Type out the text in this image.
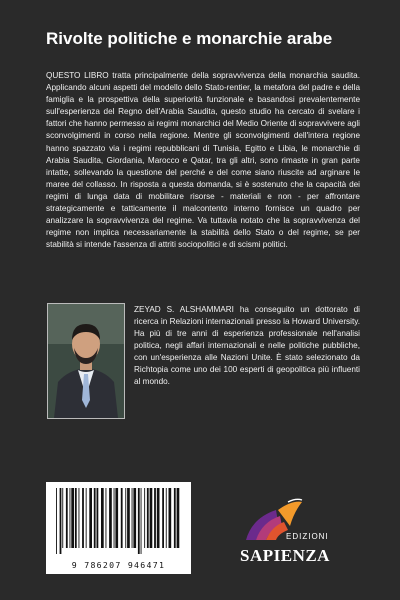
Rivolte politiche e monarchie arabe

QUESTO LIBRO tratta principalmente della sopravvivenza della monarchia saudita. Applicando alcuni aspetti del modello dello Stato-rentier, la metafora del padre e della famiglia e la prospettiva della superiorità funzionale e basandosi prevalentemente sull'esperienza del Regno dell'Arabia Saudita, questo studio ha cercato di svelare i fattori che hanno permesso ai regimi monarchici del Medio Oriente di sopravvivere agli sconvolgimenti in corso nella regione. Mentre gli sconvolgimenti dell'intera regione hanno spazzato via i regimi repubblicani di Tunisia, Egitto e Libia, le monarchie di Arabia Saudita, Giordania, Marocco e Qatar, tra gli altri, sono rimaste in gran parte intatte, sollevando la questione del perché e del come siano riuscite ad arginare le maree del collasso. In risposta a questa domanda, si è sostenuto che la capacità dei regimi di lunga data di mobilitare risorse - materiali e non - per affrontare strategicamente e tatticamente il malcontento interno fornisce un quadro per analizzare la sopravvivenza del regime. Va tuttavia notato che la sopravvivenza del regime non implica necessariamente la stabilità dello Stato o del regime, se per stabilità si intende l'assenza di attriti sociopolitici e di scismi politici.

ZEYAD S. ALSHAMMARI ha conseguito un dottorato di ricerca in Relazioni internazionali presso la Howard University. Ha più di tre anni di esperienza professionale nell'analisi politica, negli affari internazionali e nelle politiche pubbliche, con un'esperienza alle Nazioni Unite. È stato selezionato da Richtopia come uno dei 100 esperti di geopolitica più influenti al mondo.

9 786207 946471
EDIZIONI
SAPIENZA
